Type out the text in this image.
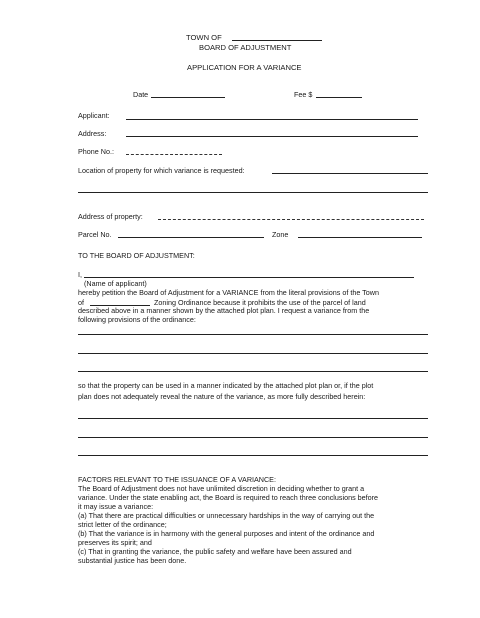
TOWN OF
BOARD OF ADJUSTMENT
APPLICATION FOR A VARIANCE
Date	Fee $
Applicant:
Address:
Phone No.:
Location of property for which variance is requested:
Address of property:
Parcel No.	Zone
TO THE BOARD OF ADJUSTMENT:
I,
(Name of applicant)
hereby petition the Board of Adjustment for a VARIANCE from the literal provisions of the Town
of	Zoning Ordinance because it prohibits the use of the parcel of land
described above in a manner shown by the attached plot plan. I request a variance from the
following provisions of the ordinance:
so that the property can be used in a manner indicated by the attached plot plan or, if the plot
plan does not adequately reveal the nature of the variance, as more fully described herein:
FACTORS RELEVANT TO THE ISSUANCE OF A VARIANCE:
The Board of Adjustment does not have unlimited discretion in deciding whether to grant a
variance. Under the state enabling act, the Board is required to reach three conclusions before
it may issue a variance:
(a) That there are practical difficulties or unnecessary hardships in the way of carrying out the
strict letter of the ordinance;
(b) That the variance is in harmony with the general purposes and intent of the ordinance and
preserves its spirit; and
(c) That in granting the variance, the public safety and welfare have been assured and
substantial justice has been done.
